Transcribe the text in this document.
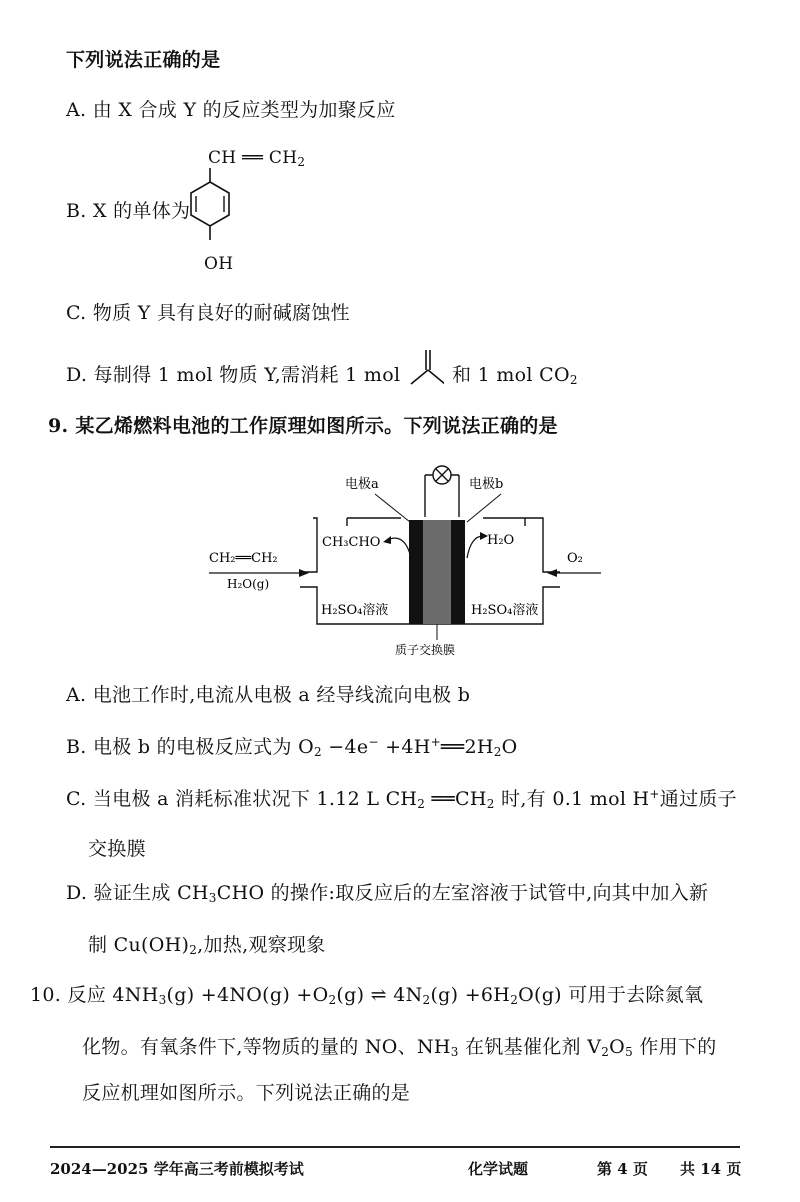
下列说法正确的是
A. 由 X 合成 Y 的反应类型为加聚反应
B. X 的单体为
CH ══ $CH_2$
OH
C. 物质 Y 具有良好的耐碱腐蚀性
D. 每制得 1 mol 物质 Y,需消耗 1 mol	和 1 mol $CO_2$
9. 某乙烯燃料电池的工作原理如图所示。下列说法正确的是
电极a	电极b
CH₃CHO	H₂O
CH₂══CH₂
H₂O(g)
O₂
H₂SO₄溶液	H₂SO₄溶液
质子交换膜
A. 电池工作时,电流从电极 a 经导线流向电极 b
B. 电极 b 的电极反应式为 $O_2 -4e^-$ $+4H^+══2H_2O$
C. 当电极 a 消耗标准状况下 1.12 L $CH_2$ $══CH_2$ 时,有 0.1 mol H+通过质子
交换膜
D. 验证生成 $CH_3CHO$ 的操作:取反应后的左室溶液于试管中,向其中加入新
制 $Cu(OH)_2$,加热,观察现象
10. 反应 $4NH_3(g) +4NO(g) +O_2(g)$ ⇌ $4N_2(g) +6H_2O(g)$ 可用于去除氮氧
化物。有氧条件下,等物质的量的 NO、$NH_3$ 在钒基催化剂 $V_2O_5$ 作用下的
反应机理如图所示。下列说法正确的是
2024—2025 学年高三考前模拟考试	化学试题	第 4 页 共 14 页
